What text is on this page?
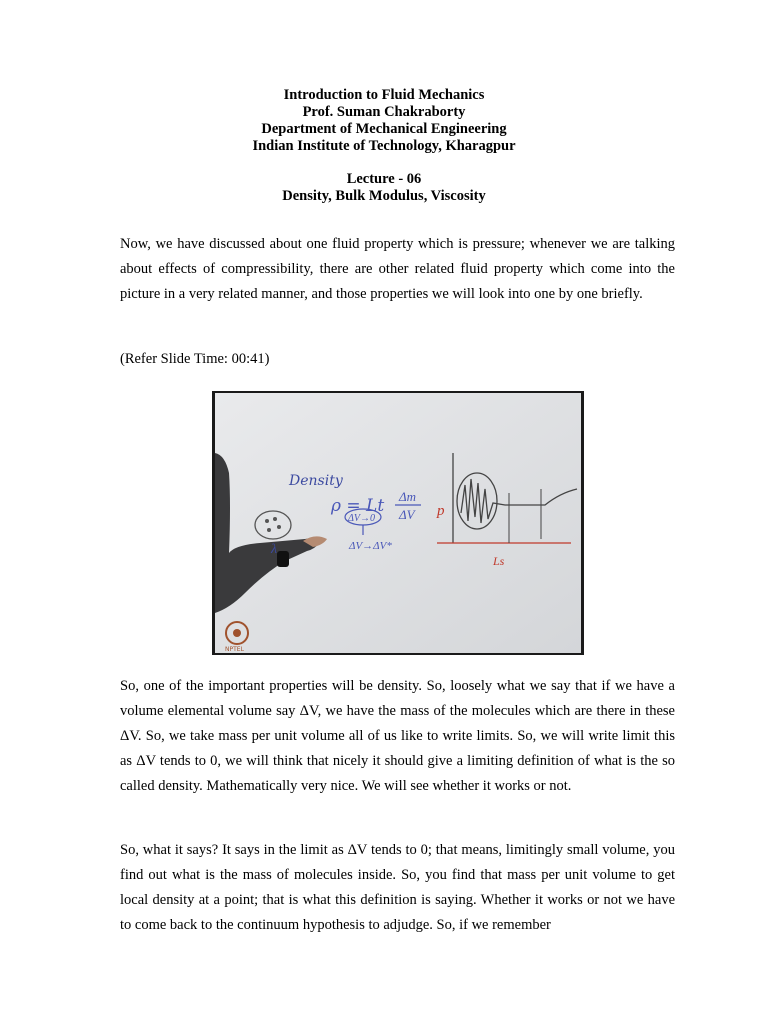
Introduction to Fluid Mechanics
Prof. Suman Chakraborty
Department of Mechanical Engineering
Indian Institute of Technology, Kharagpur
Lecture - 06
Density, Bulk Modulus, Viscosity

Now, we have discussed about one fluid property which is pressure; whenever we are talking about effects of compressibility, there are other related fluid property which come into the picture in a very related manner, and those properties we will look into one by one briefly.

(Refer Slide Time: 00:41)

λ
Density
ρ = Lt Δm
ΔV
ΔV→0
ΔV→ΔV*
p
Ls
NPTEL

So, one of the important properties will be density. So, loosely what we say that if we have a volume elemental volume say ΔV, we have the mass of the molecules which are there in these ΔV. So, we take mass per unit volume all of us like to write limits. So, we will write limit this as ΔV tends to 0, we will think that nicely it should give a limiting definition of what is the so called density. Mathematically very nice. We will see whether it works or not.

So, what it says? It says in the limit as ΔV tends to 0; that means, limitingly small volume, you find out what is the mass of molecules inside. So, you find that mass per unit volume to get local density at a point; that is what this definition is saying. Whether it works or not we have to come back to the continuum hypothesis to adjudge. So, if we remember
